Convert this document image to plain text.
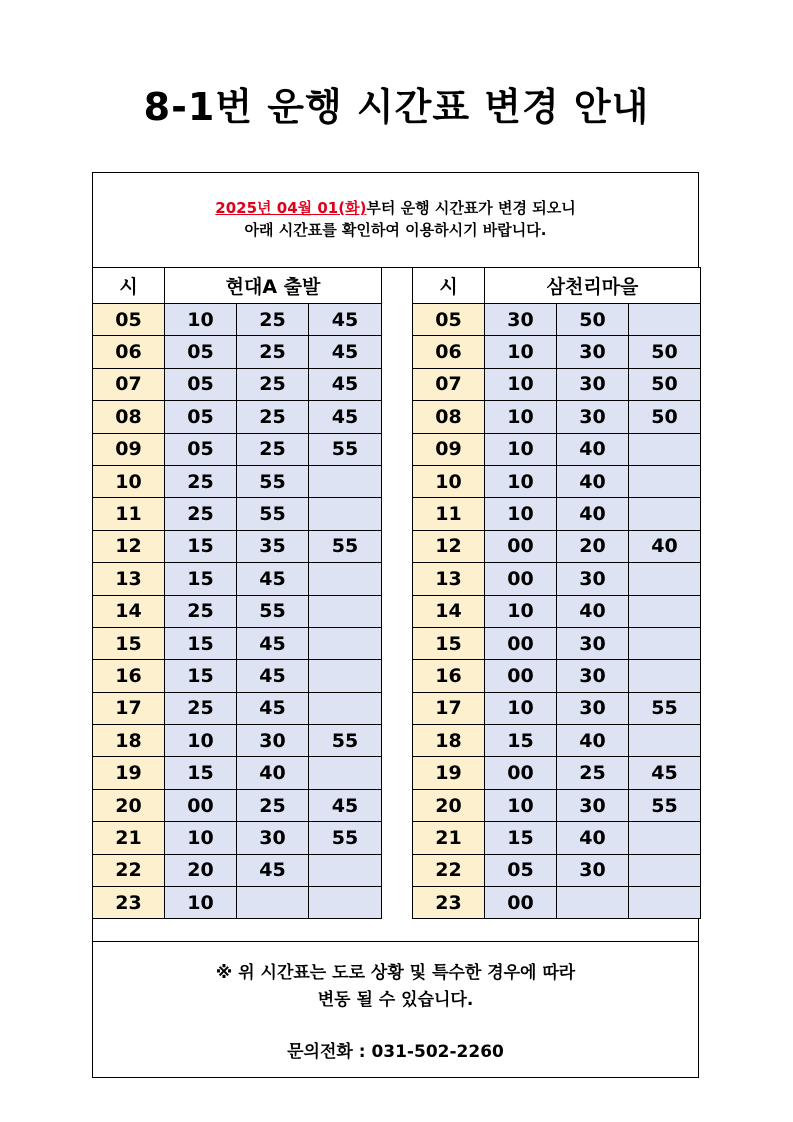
8-1번 운행 시간표 변경 안내
2025년 04월 01(화)부터 운행 시간표가 변경 되오니
아래 시간표를 확인하여 이용하시기 바랍니다.
시	현대A 출발		
05	10	25	45
06	05	25	45
07	05	25	45
08	05	25	45
09	05	25	55
10	25	55	
11	25	55	
12	15	35	55
13	15	45	
14	25	55	
15	15	45	
16	15	45	
17	25	45	
18	10	30	55
19	15	40	
20	00	25	45
21	10	30	55
22	20	45	
23	10		
시	삼천리마을		
05	30	50	
06	10	30	50
07	10	30	50
08	10	30	50
09	10	40	
10	10	40	
11	10	40	
12	00	20	40
13	00	30	
14	10	40	
15	00	30	
16	00	30	
17	10	30	55
18	15	40	
19	00	25	45
20	10	30	55
21	15	40	
22	05	30	
23	00		
※ 위 시간표는 도로 상황 및 특수한 경우에 따라
변동 될 수 있습니다.
문의전화 : 031-502-2260
